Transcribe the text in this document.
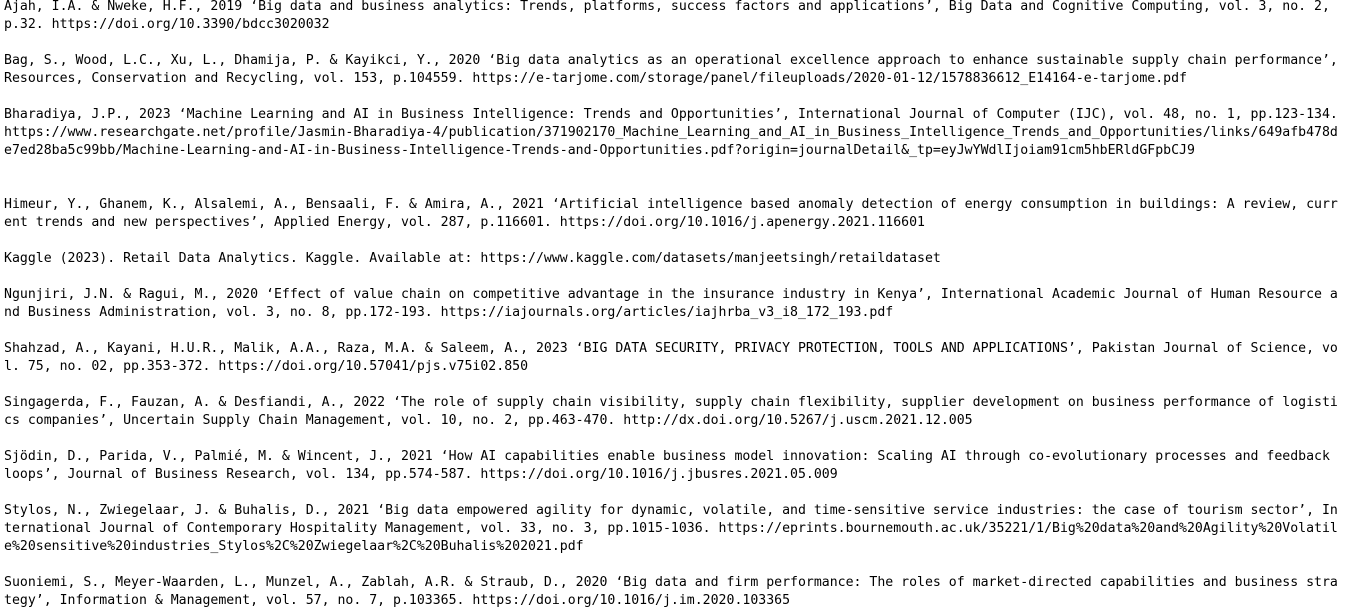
Ajah, I.A. & Nweke, H.F., 2019 ‘Big data and business analytics: Trends, platforms, success factors and applications’, Big Data and Cognitive Computing, vol. 3, no. 2, p.32. https://doi.org/10.3390/bdcc3020032

Bag, S., Wood, L.C., Xu, L., Dhamija, P. & Kayikci, Y., 2020 ‘Big data analytics as an operational excellence approach to enhance sustainable supply chain performance’, Resources, Conservation and Recycling, vol. 153, p.104559. https://e-tarjome.com/storage/panel/fileuploads/2020-01-12/1578836612_E14164-e-tarjome.pdf

Bharadiya, J.P., 2023 ‘Machine Learning and AI in Business Intelligence: Trends and Opportunities’, International Journal of Computer (IJC), vol. 48, no. 1, pp.123-134. https://www.researchgate.net/profile/Jasmin-Bharadiya-4/publication/371902170_Machine_Learning_and_AI_in_Business_Intelligence_Trends_and_Opportunities/links/649afb478de7ed28ba5c99bb/Machine-Learning-and-AI-in-Business-Intelligence-Trends-and-Opportunities.pdf?origin=journalDetail&_tp=eyJwYWdlIjoiam91cm5hbERldGFpbCJ9

Himeur, Y., Ghanem, K., Alsalemi, A., Bensaali, F. & Amira, A., 2021 ‘Artificial intelligence based anomaly detection of energy consumption in buildings: A review, current trends and new perspectives’, Applied Energy, vol. 287, p.116601. https://doi.org/10.1016/j.apenergy.2021.116601

Kaggle (2023). Retail Data Analytics. Kaggle. Available at: https://www.kaggle.com/datasets/manjeetsingh/retaildataset

Ngunjiri, J.N. & Ragui, M., 2020 ‘Effect of value chain on competitive advantage in the insurance industry in Kenya’, International Academic Journal of Human Resource and Business Administration, vol. 3, no. 8, pp.172-193. https://iajournals.org/articles/iajhrba_v3_i8_172_193.pdf

Shahzad, A., Kayani, H.U.R., Malik, A.A., Raza, M.A. & Saleem, A., 2023 ‘BIG DATA SECURITY, PRIVACY PROTECTION, TOOLS AND APPLICATIONS’, Pakistan Journal of Science, vol. 75, no. 02, pp.353-372. https://doi.org/10.57041/pjs.v75i02.850

Singagerda, F., Fauzan, A. & Desfiandi, A., 2022 ‘The role of supply chain visibility, supply chain flexibility, supplier development on business performance of logistics companies’, Uncertain Supply Chain Management, vol. 10, no. 2, pp.463-470. http://dx.doi.org/10.5267/j.uscm.2021.12.005

Sjödin, D., Parida, V., Palmié, M. & Wincent, J., 2021 ‘How AI capabilities enable business model innovation: Scaling AI through co-evolutionary processes and feedback loops’, Journal of Business Research, vol. 134, pp.574-587. https://doi.org/10.1016/j.jbusres.2021.05.009

Stylos, N., Zwiegelaar, J. & Buhalis, D., 2021 ‘Big data empowered agility for dynamic, volatile, and time-sensitive service industries: the case of tourism sector’, International Journal of Contemporary Hospitality Management, vol. 33, no. 3, pp.1015-1036. https://eprints.bournemouth.ac.uk/35221/1/Big%20data%20and%20Agility%20Volatile%20sensitive%20industries_Stylos%2C%20Zwiegelaar%2C%20Buhalis%202021.pdf

Suoniemi, S., Meyer-Waarden, L., Munzel, A., Zablah, A.R. & Straub, D., 2020 ‘Big data and firm performance: The roles of market-directed capabilities and business strategy’, Information & Management, vol. 57, no. 7, p.103365. https://doi.org/10.1016/j.im.2020.103365
